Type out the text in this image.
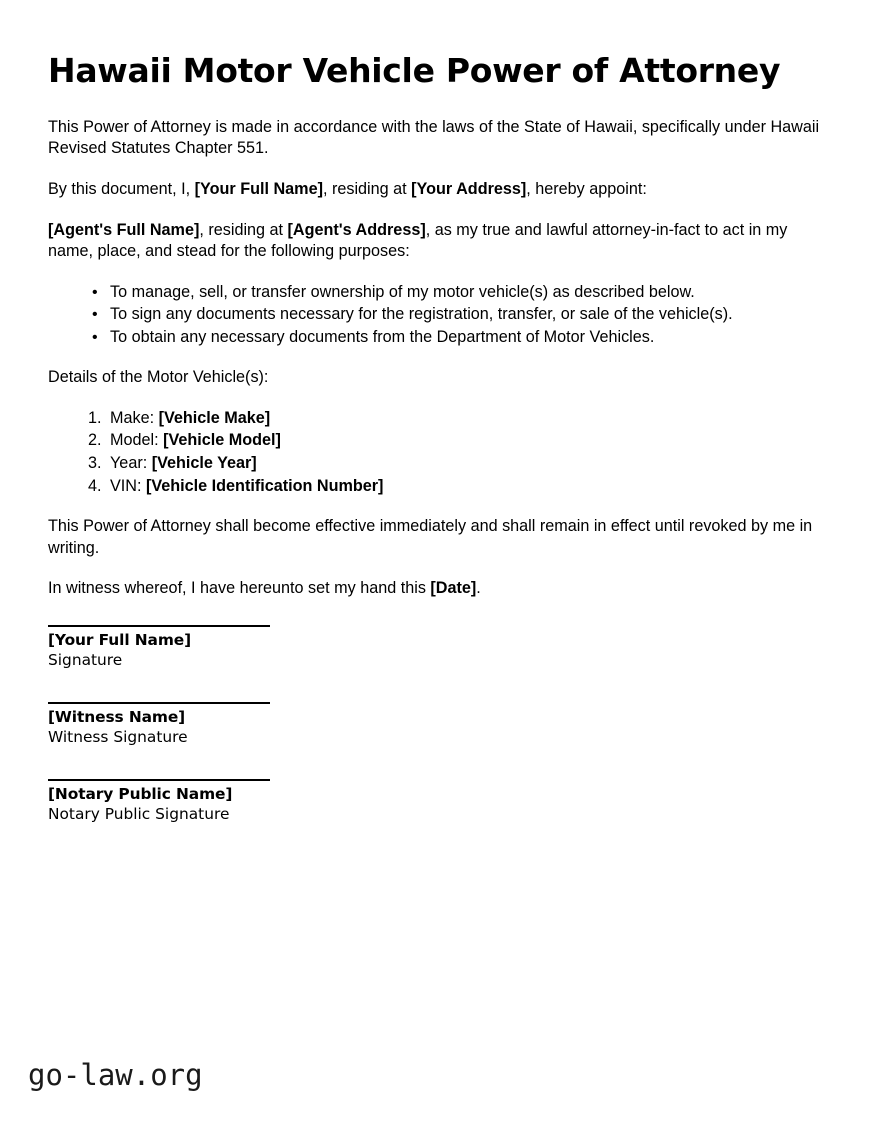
Hawaii Motor Vehicle Power of Attorney

This Power of Attorney is made in accordance with the laws of the State of Hawaii, specifically under Hawaii Revised Statutes Chapter 551.

By this document, I, [Your Full Name], residing at [Your Address], hereby appoint:

[Agent's Full Name], residing at [Agent's Address], as my true and lawful attorney-in-fact to act in my name, place, and stead for the following purposes:

• To manage, sell, or transfer ownership of my motor vehicle(s) as described below.
• To sign any documents necessary for the registration, transfer, or sale of the vehicle(s).
• To obtain any necessary documents from the Department of Motor Vehicles.

Details of the Motor Vehicle(s):

Make: [Vehicle Make]
Model: [Vehicle Model]
Year: [Vehicle Year]
VIN: [Vehicle Identification Number]

This Power of Attorney shall become effective immediately and shall remain in effect until revoked by me in writing.

In witness whereof, I have hereunto set my hand this [Date].

[Your Full Name]
Signature
[Witness Name]
Witness Signature
[Notary Public Name]
Notary Public Signature
go-law.org
